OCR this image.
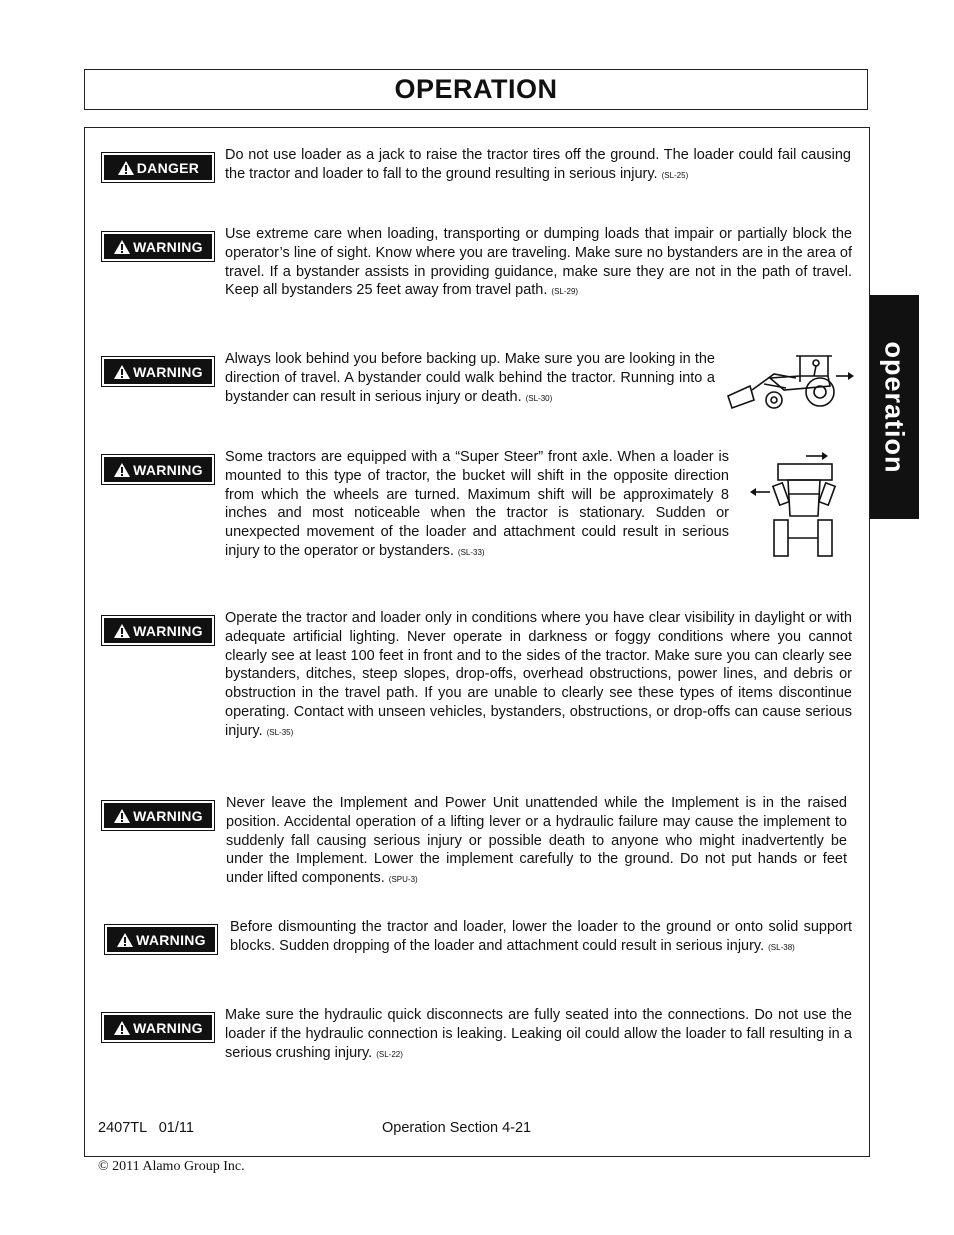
OPERATION
operation
DANGER

Do not use loader as a jack to raise the tractor tires off the ground. The loader could fail causing the tractor and loader to fall to the ground resulting in serious injury. (SL-25)

WARNING

Use extreme care when loading, transporting or dumping loads that impair or partially block the operator’s line of sight. Know where you are traveling. Make sure no bystanders are in the area of travel. If a bystander assists in providing guidance, make sure they are not in the path of travel. Keep all bystanders 25 feet away from travel path. (SL-29)

WARNING

Always look behind you before backing up. Make sure you are looking in the direction of travel. A bystander could walk behind the tractor. Running into a bystander can result in serious injury or death. (SL-30)

WARNING

Some tractors are equipped with a “Super Steer” front axle. When a loader is mounted to this type of tractor, the bucket will shift in the opposite direction from which the wheels are turned. Maximum shift will be approximately 8 inches and most noticeable when the tractor is stationary. Sudden or unexpected movement of the loader and attachment could result in serious injury to the operator or bystanders. (SL-33)

WARNING

Operate the tractor and loader only in conditions where you have clear visibility in daylight or with adequate artificial lighting. Never operate in darkness or foggy conditions where you cannot clearly see at least 100 feet in front and to the sides of the tractor. Make sure you can clearly see bystanders, ditches, steep slopes, drop-offs, overhead obstructions, power lines, and debris or obstruction in the travel path. If you are unable to clearly see these types of items discontinue operating. Contact with unseen vehicles, bystanders, obstructions, or drop-offs can cause serious injury. (SL-35)

WARNING

Never leave the Implement and Power Unit unattended while the Implement is in the raised position. Accidental operation of a lifting lever or a hydraulic failure may cause the implement to suddenly fall causing serious injury or possible death to anyone who might inadvertently be under the Implement. Lower the implement carefully to the ground. Do not put hands or feet under lifted components. (SPU-3)

WARNING

Before dismounting the tractor and loader, lower the loader to the ground or onto solid support blocks. Sudden dropping of the loader and attachment could result in serious injury. (SL-38)

WARNING

Make sure the hydraulic quick disconnects are fully seated into the connections. Do not use the loader if the hydraulic connection is leaking. Leaking oil could allow the loader to fall resulting in a serious crushing injury. (SL-22)

2407TL   01/11	Operation Section 4-21
© 2011 Alamo Group Inc.
